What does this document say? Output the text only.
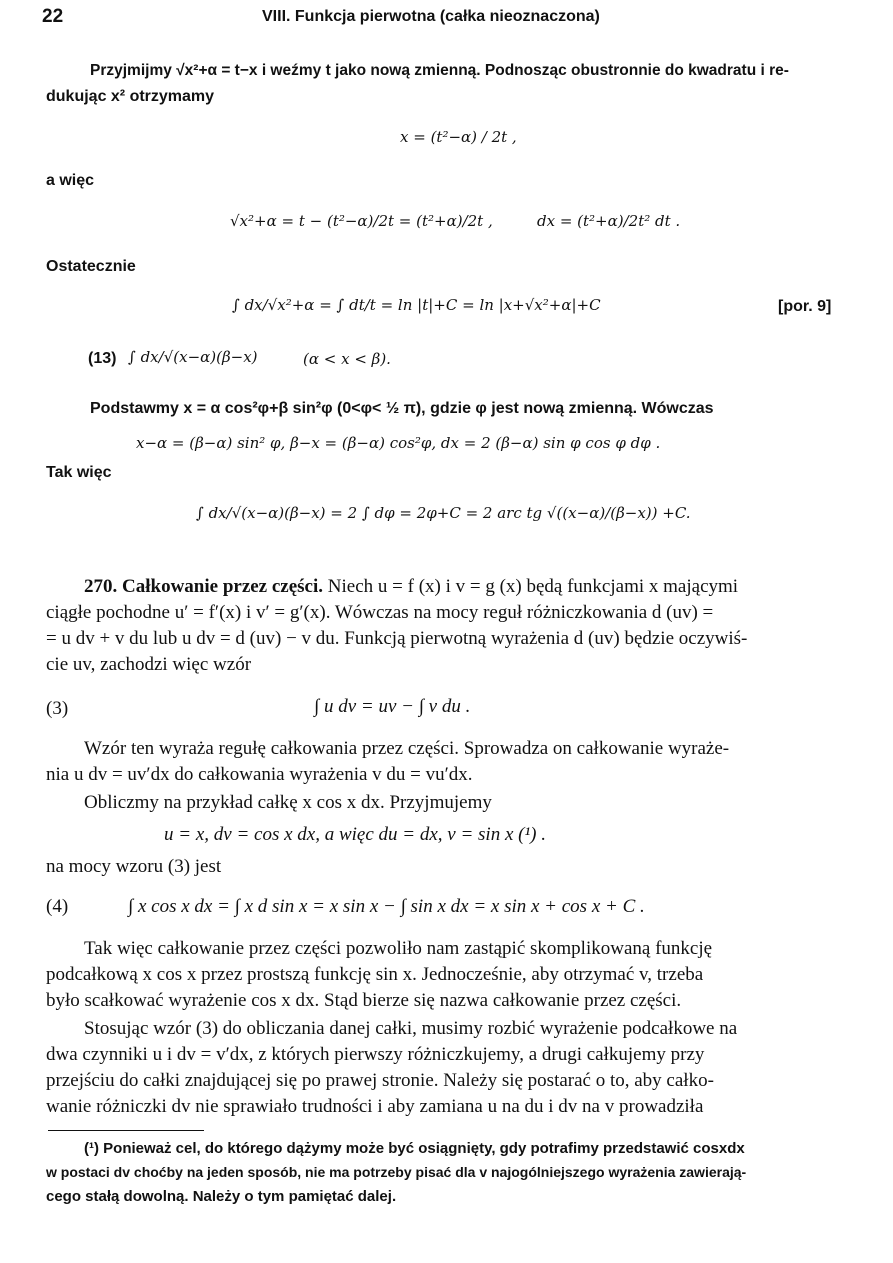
22	VIII. Funkcja pierwotna (całka nieoznaczona)
Przyjmijmy √x²+α = t−x i weźmy t jako nową zmienną. Podnosząc obustronnie do kwadratu i re-
dukując x² otrzymamy
x = (t²−α) / 2t ,
a więc
√x²+α = t − (t²−α)/2t = (t²+α)/2t ,	dx = (t²+α)/2t² dt .
Ostatecznie
∫ dx/√x²+α = ∫ dt/t = ln |t|+C = ln |x+√x²+α|+C	[por. 9]
(13) ∫ dx/√(x−α)(β−x)	(α < x < β).
Podstawmy x = α cos²φ+β sin²φ (0<φ< ½ π), gdzie φ jest nową zmienną. Wówczas
x−α = (β−α) sin² φ, β−x = (β−α) cos²φ, dx = 2 (β−α) sin φ cos φ dφ .
Tak więc
∫ dx/√(x−α)(β−x) = 2 ∫ dφ = 2φ+C = 2 arc tg √((x−α)/(β−x)) +C.
270. Całkowanie przez części. Niech u = f (x) i v = g (x) będą funkcjami x mającymi
ciągłe pochodne u′ = f′(x) i v′ = g′(x). Wówczas na mocy reguł różniczkowania d (uv) =
= u dv + v du lub u dv = d (uv) − v du. Funkcją pierwotną wyrażenia d (uv) będzie oczywiś-
cie uv, zachodzi więc wzór
(3)	∫ u dv = uv − ∫ v du .
Wzór ten wyraża regułę całkowania przez części. Sprowadza on całkowanie wyraże-
nia u dv = uv′dx do całkowania wyrażenia v du = vu′dx.
Obliczmy na przykład całkę x cos x dx. Przyjmujemy
u = x, dv = cos x dx, a więc du = dx, v = sin x (¹) .
na mocy wzoru (3) jest
(4)	∫ x cos x dx = ∫ x d sin x = x sin x − ∫ sin x dx = x sin x + cos x + C .
Tak więc całkowanie przez części pozwoliło nam zastąpić skomplikowaną funkcję
podcałkową x cos x przez prostszą funkcję sin x. Jednocześnie, aby otrzymać v, trzeba
było scałkować wyrażenie cos x dx. Stąd bierze się nazwa całkowanie przez części.
Stosując wzór (3) do obliczania danej całki, musimy rozbić wyrażenie podcałkowe na
dwa czynniki u i dv = v′dx, z których pierwszy różniczkujemy, a drugi całkujemy przy
przejściu do całki znajdującej się po prawej stronie. Należy się postarać o to, aby całko-
wanie różniczki dv nie sprawiało trudności i aby zamiana u na du i dv na v prowadziła
(¹) Ponieważ cel, do którego dążymy może być osiągnięty, gdy potrafimy przedstawić cosxdx
w postaci dv choćby na jeden sposób, nie ma potrzeby pisać dla v najogólniejszego wyrażenia zawierają-
cego stałą dowolną. Należy o tym pamiętać dalej.
